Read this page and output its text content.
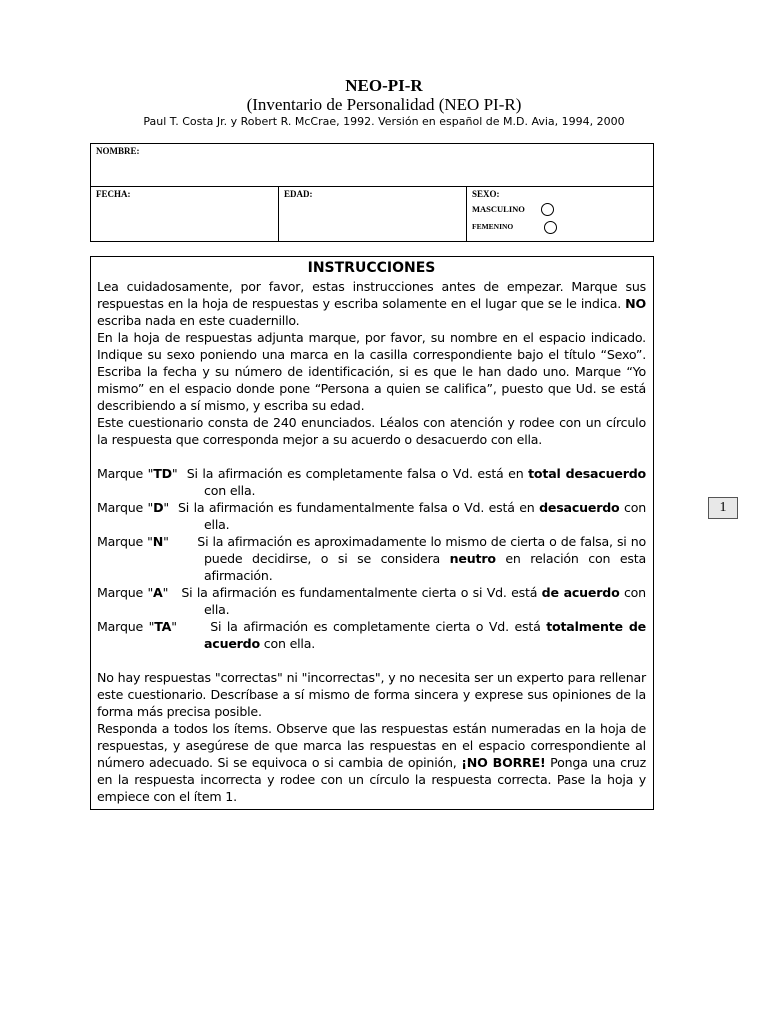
NEO-PI-R
(Inventario de Personalidad (NEO PI-R)
Paul T. Costa Jr. y Robert R. McCrae, 1992. Versión en español de M.D. Avia, 1994, 2000
NOMBRE:
FECHA:	EDAD:	SEXO:
MASCULINO
FEMENINO
INSTRUCCIONES

Lea cuidadosamente, por favor, estas instrucciones antes de empezar. Marque sus respuestas en la hoja de respuestas y escriba solamente en el lugar que se le indica. NO escriba nada en este cuadernillo.

En la hoja de respuestas adjunta marque, por favor, su nombre en el espacio indicado. Indique su sexo poniendo una marca en la casilla correspondiente bajo el título “Sexo”. Escriba la fecha y su número de identificación, si es que le han dado uno. Marque “Yo mismo” en el espacio donde pone “Persona a quien se califica”, puesto que Ud. se está describiendo a sí mismo, y escriba su edad.

Este cuestionario consta de 240 enunciados. Léalos con atención y rodee con un círculo la respuesta que corresponda mejor a su acuerdo o desacuerdo con ella.

Marque "TD"  Si la afirmación es completamente falsa o Vd. está en total desacuerdo con ella.

Marque "D"  Si la afirmación es fundamentalmente falsa o Vd. está en desacuerdo con ella.

Marque "N"       Si la afirmación es aproximadamente lo mismo de cierta o de falsa, si no puede decidirse, o si se considera neutro en relación con esta afirmación.

Marque "A"   Si la afirmación es fundamentalmente cierta o si Vd. está de acuerdo con ella.

Marque "TA"      Si la afirmación es completamente cierta o Vd. está totalmente de acuerdo con ella.

No hay respuestas "correctas" ni "incorrectas", y no necesita ser un experto para rellenar este cuestionario. Descríbase a sí mismo de forma sincera y exprese sus opiniones de la forma más precisa posible.

Responda a todos los ítems. Observe que las respuestas están numeradas en la hoja de respuestas, y asegúrese de que marca las respuestas en el espacio correspondiente al número adecuado. Si se equivoca o si cambia de opinión, ¡NO BORRE! Ponga una cruz en la respuesta incorrecta y rodee con un círculo la respuesta correcta. Pase la hoja y empiece con el ítem 1.

1
